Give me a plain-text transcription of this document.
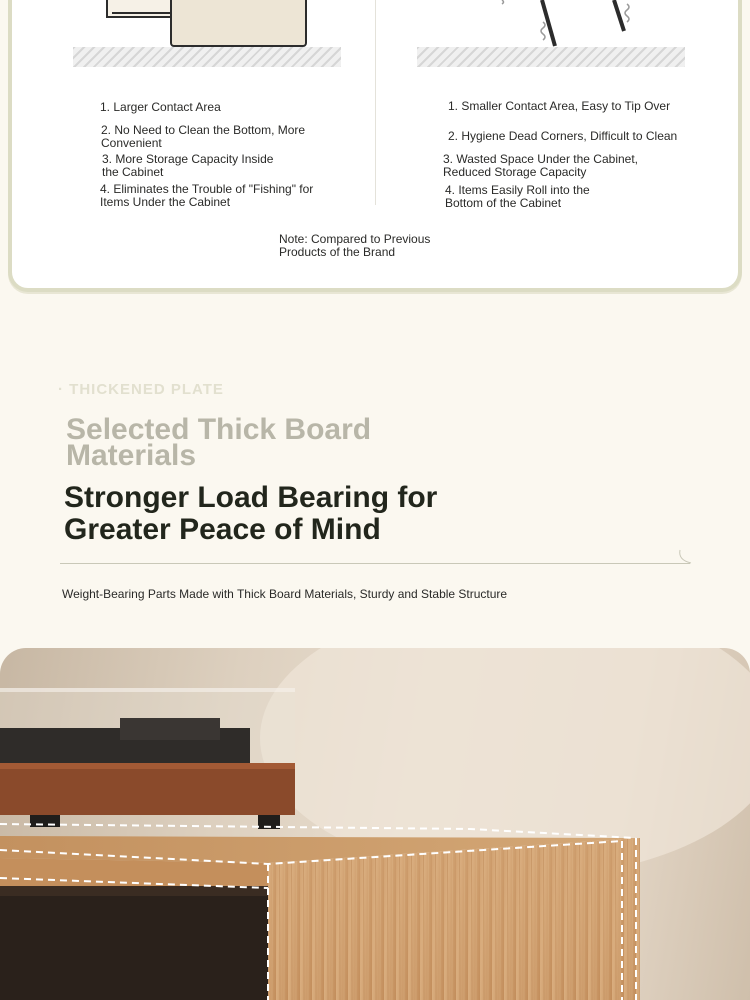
1. Larger Contact Area
2. No Need to Clean the Bottom, More
Convenient
3. More Storage Capacity Inside
the Cabinet
4. Eliminates the Trouble of "Fishing" for
Items Under the Cabinet
1. Smaller Contact Area, Easy to Tip Over
2. Hygiene Dead Corners, Difficult to Clean
3. Wasted Space Under the Cabinet,
Reduced Storage Capacity
4. Items Easily Roll into the
Bottom of the Cabinet
Note: Compared to Previous
Products of the Brand
· THICKENED PLATE
Selected Thick Board Materials
Stronger Load Bearing for Greater Peace of Mind
Weight-Bearing Parts Made with Thick Board Materials, Sturdy and Stable Structure
